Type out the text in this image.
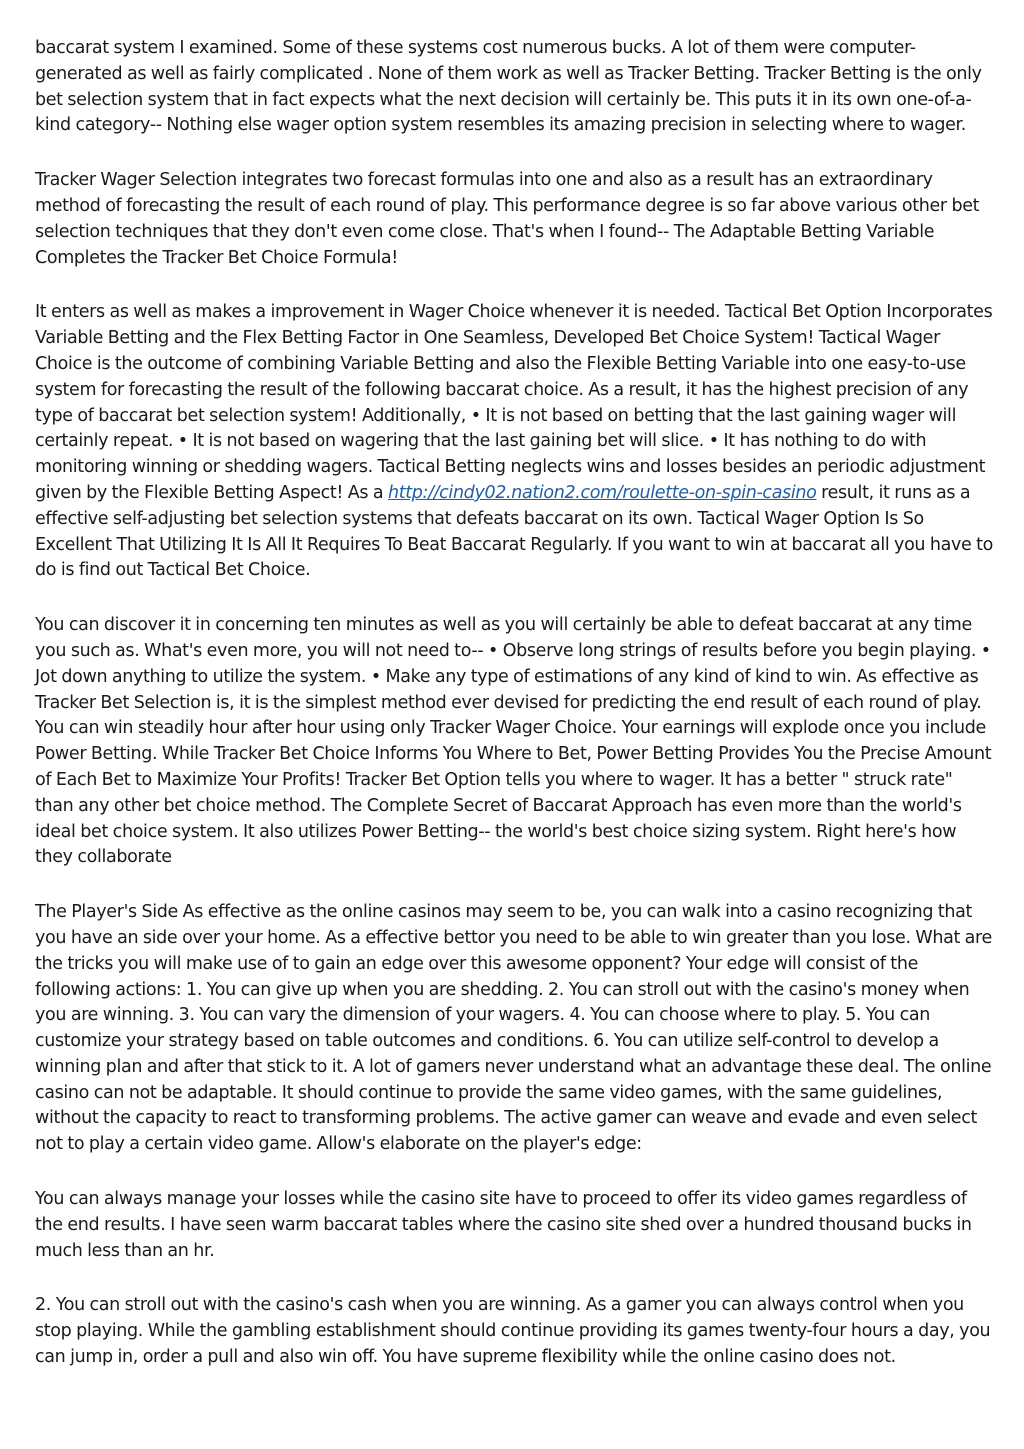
baccarat system I examined. Some of these systems cost numerous bucks. A lot of them were computer-generated as well as fairly complicated . None of them work as well as Tracker Betting. Tracker Betting is the only bet selection system that in fact expects what the next decision will certainly be. This puts it in its own one-of-a-kind category-- Nothing else wager option system resembles its amazing precision in selecting where to wager.

Tracker Wager Selection integrates two forecast formulas into one and also as a result has an extraordinary method of forecasting the result of each round of play. This performance degree is so far above various other bet selection techniques that they don't even come close. That's when I found-- The Adaptable Betting Variable Completes the Tracker Bet Choice Formula!

It enters as well as makes a improvement in Wager Choice whenever it is needed. Tactical Bet Option Incorporates Variable Betting and the Flex Betting Factor in One Seamless, Developed Bet Choice System! Tactical Wager Choice is the outcome of combining Variable Betting and also the Flexible Betting Variable into one easy-to-use system for forecasting the result of the following baccarat choice. As a result, it has the highest precision of any type of baccarat bet selection system! Additionally, • It is not based on betting that the last gaining wager will certainly repeat. • It is not based on wagering that the last gaining bet will slice. • It has nothing to do with monitoring winning or shedding wagers. Tactical Betting neglects wins and losses besides an periodic adjustment given by the Flexible Betting Aspect! As a http://cindy02.nation2.com/roulette-on-spin-casino result, it runs as a effective self-adjusting bet selection systems that defeats baccarat on its own. Tactical Wager Option Is So Excellent That Utilizing It Is All It Requires To Beat Baccarat Regularly. If you want to win at baccarat all you have to do is find out Tactical Bet Choice.

You can discover it in concerning ten minutes as well as you will certainly be able to defeat baccarat at any time you such as. What's even more, you will not need to-- • Observe long strings of results before you begin playing. • Jot down anything to utilize the system. • Make any type of estimations of any kind of kind to win. As effective as Tracker Bet Selection is, it is the simplest method ever devised for predicting the end result of each round of play. You can win steadily hour after hour using only Tracker Wager Choice. Your earnings will explode once you include Power Betting. While Tracker Bet Choice Informs You Where to Bet, Power Betting Provides You the Precise Amount of Each Bet to Maximize Your Profits! Tracker Bet Option tells you where to wager. It has a better " struck rate" than any other bet choice method. The Complete Secret of Baccarat Approach has even more than the world's ideal bet choice system. It also utilizes Power Betting-- the world's best choice sizing system. Right here's how they collaborate

The Player's Side As effective as the online casinos may seem to be, you can walk into a casino recognizing that you have an side over your home. As a effective bettor you need to be able to win greater than you lose. What are the tricks you will make use of to gain an edge over this awesome opponent? Your edge will consist of the following actions: 1. You can give up when you are shedding. 2. You can stroll out with the casino's money when you are winning. 3. You can vary the dimension of your wagers. 4. You can choose where to play. 5. You can customize your strategy based on table outcomes and conditions. 6. You can utilize self-control to develop a winning plan and after that stick to it. A lot of gamers never understand what an advantage these deal. The online casino can not be adaptable. It should continue to provide the same video games, with the same guidelines, without the capacity to react to transforming problems. The active gamer can weave and evade and even select not to play a certain video game. Allow's elaborate on the player's edge:

You can always manage your losses while the casino site have to proceed to offer its video games regardless of the end results. I have seen warm baccarat tables where the casino site shed over a hundred thousand bucks in much less than an hr.

2. You can stroll out with the casino's cash when you are winning. As a gamer you can always control when you stop playing. While the gambling establishment should continue providing its games twenty-four hours a day, you can jump in, order a pull and also win off. You have supreme flexibility while the online casino does not.
